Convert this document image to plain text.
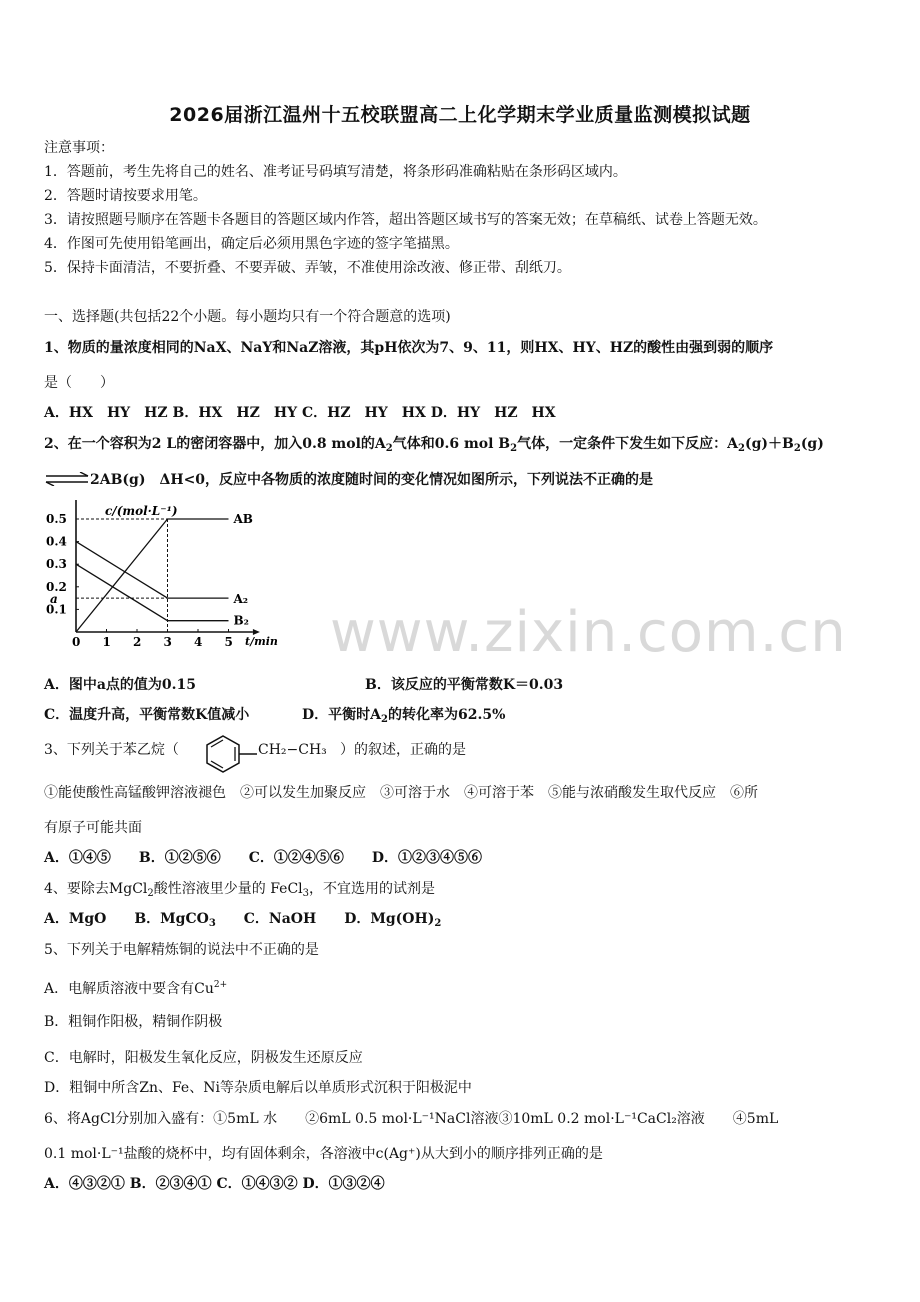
2026届浙江温州十五校联盟高二上化学期末学业质量监测模拟试题
注意事项：
1．答题前，考生先将自己的姓名、准考证号码填写清楚，将条形码准确粘贴在条形码区域内。
2．答题时请按要求用笔。
3．请按照题号顺序在答题卡各题目的答题区域内作答，超出答题区域书写的答案无效；在草稿纸、试卷上答题无效。
4．作图可先使用铅笔画出，确定后必须用黑色字迹的签字笔描黑。
5．保持卡面清洁，不要折叠、不要弄破、弄皱，不准使用涂改液、修正带、刮纸刀。
一、选择题(共包括22个小题。每小题均只有一个符合题意的选项)
1、物质的量浓度相同的NaX、NaY和NaZ溶液，其pH依次为7、9、11，则HX、HY、HZ的酸性由强到弱的顺序
是（　　）
A．HX　HY　HZ B．HX　HZ　HY C．HZ　HY　HX D．HY　HZ　HX
2、在一个容积为2 L的密闭容器中，加入0.8 mol的$A_2$气体和0.6 mol $B_2$气体，一定条件下发生如下反应：$A_2(g)+B_2(g)$
⇌2AB(g)　ΔH<0，反应中各物质的浓度随时间的变化情况如图所示，下列说法不正确的是
c/(mol·L⁻¹)
t/min
0 1 2 3 4 5
0.1
0.2
0.3
0.4
0.5
a
AB
A₂
B₂ www.zixin.com.cn
A．图中a点的值为0.15	B．该反应的平衡常数K＝0.03
C．温度升高，平衡常数K值减小	D．平衡时$A_2$的转化率为62.5%
3、下列关于苯乙烷（	CH₂−CH₃ ）的叙述，正确的是
①能使酸性高锰酸钾溶液褪色　②可以发生加聚反应　③可溶于水　④可溶于苯　⑤能与浓硝酸发生取代反应　⑥所
有原子可能共面
A．①④⑤　　B．①②⑤⑥　　C．①②④⑤⑥　　D．①②③④⑤⑥
4、要除去MgCl$_2$酸性溶液里少量的 FeCl$_3$，不宜选用的试剂是
A．MgO　　B．MgCO$_3$　　C．NaOH　　D．$Mg(OH)_2$
5、下列关于电解精炼铜的说法中不正确的是
A．电解质溶液中要含有$Cu^{2+}$
B．粗铜作阳极，精铜作阴极
C．电解时，阳极发生氧化反应，阴极发生还原反应
D．粗铜中所含Zn、Fe、Ni等杂质电解后以单质形式沉积于阳极泥中
6、将AgCl分别加入盛有：①5mL 水　　②6mL 0.5 mol·L⁻¹NaCl溶液③10mL 0.2 mol·L⁻¹CaCl₂溶液　　④5mL
0.1 mol·L⁻¹盐酸的烧杯中，均有固体剩余，各溶液中c(Ag⁺)从大到小的顺序排列正确的是
A．④③②① B．②③④① C．①④③② D．①③②④
